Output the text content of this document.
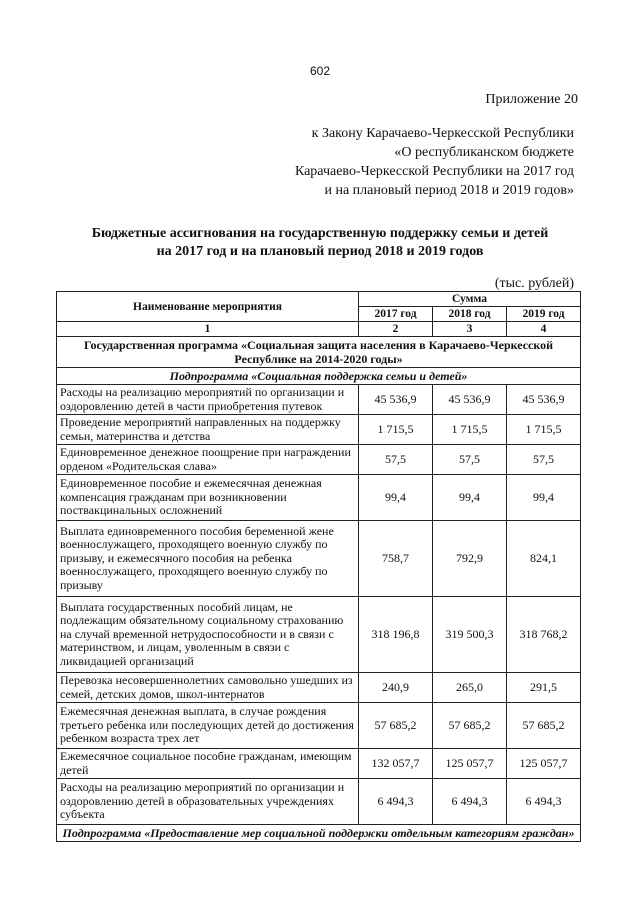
602
Приложение 20
к Закону Карачаево-Черкесской Республики
«О республиканском бюджете
Карачаево-Черкесской Республики на 2017 год
и на плановый период 2018 и 2019 годов»
Бюджетные ассигнования на государственную поддержку семьи и детей
на 2017 год и на плановый период 2018 и 2019 годов
(тыс. рублей)
Наименование мероприятия	Сумма		
	2017 год	2018 год	2019 год
1	2	3	4
Государственная программа «Социальная защита населения в Карачаево-Черкесской Республике на 2014-2020 годы»			
Подпрограмма «Социальная поддержка семьи и детей»			
Расходы на реализацию мероприятий по организации и оздоровлению детей в части приобретения путевок	45 536,9	45 536,9	45 536,9
Проведение мероприятий направленных на поддержку семьи, материнства и детства	1 715,5	1 715,5	1 715,5
Единовременное денежное поощрение при награждении орденом «Родительская слава»	57,5	57,5	57,5
Единовременное пособие и ежемесячная денежная компенсация гражданам при возникновении поствакцинальных осложнений	99,4	99,4	99,4
Выплата единовременного пособия беременной жене военнослужащего, проходящего военную службу по призыву, и ежемесячного пособия на ребенка военнослужащего, проходящего военную службу по призыву	758,7	792,9	824,1
Выплата государственных пособий лицам, не подлежащим обязательному социальному страхованию на случай временной нетрудоспособности и в связи с материнством, и лицам, уволенным в связи с ликвидацией организаций	318 196,8	319 500,3	318 768,2
Перевозка несовершеннолетних самовольно ушедших из семей, детских домов, школ-интернатов	240,9	265,0	291,5
Ежемесячная денежная выплата, в случае рождения третьего ребенка или последующих детей до достижения ребенком возраста трех лет	57 685,2	57 685,2	57 685,2
Ежемесячное социальное пособие гражданам, имеющим детей	132 057,7	125 057,7	125 057,7
Расходы на реализацию мероприятий по организации и оздоровлению детей в образовательных учреждениях субъекта	6 494,3	6 494,3	6 494,3
Подпрограмма «Предоставление мер социальной поддержки отдельным категориям граждан»			
